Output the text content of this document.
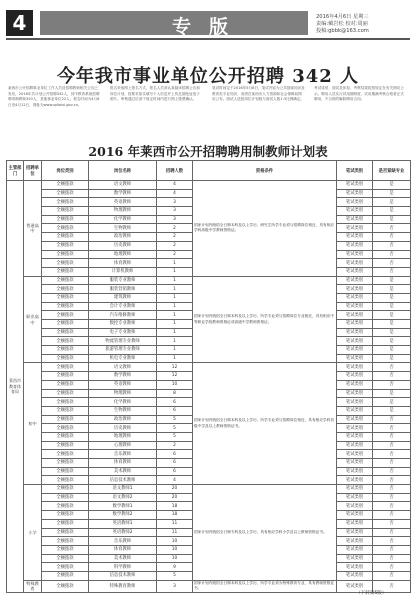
4	专版	2016年4月6日 星期三
责编:戴岩松 校对:周丽
投稿:gbbk@163.com
今年我市事业单位公开招聘 342 人
莱西市公开招聘事业单位工作人员及招聘教师相关公告已发布，2016年共计划公开招聘342人，其中教育系统招聘聘用制教师320人，其他事业单位22人。报名时间为4月8日至4月12日，网址为www.qdlaixi.gov.cn。
报名采取网上报名方式，报名人员须认真阅读招聘公告和岗位计划，按要求如实填写个人信息并上传近期免冠电子照片。审核通过后请于规定时间内进行网上缴费确认。
笔试时间定于2016年5月8日，笔试内容为公共基础知识及教育类专业知识，成绩在莱西市人力资源和社会保障局网站公布。面试人选按岗位计划数与面试人数1:3比例确定。
考试成绩、面试及体检、考察结果将按规定在有关网站公示。聘用人员实行试用期制度，试用期满考核合格者正式聘用，不合格的解除聘用合同。
2016 年莱西市公开招聘聘用制教师计划表
主管部门	招聘单位	岗位类别	岗位名称	招聘人数	资格条件	笔试类别	是否紧缺专业
莱西市教育体育局	普通高中	全额拨款	语文教师	4	国家计划内统招全日制本科及以上学历，研究生所学专业须与招聘岗位相近，具有相应学科高级中学教师资格证。	笔试类别	是
		全额拨款	数学教师	4		笔试类别	是
		全额拨款	英语教师	3		笔试类别	是
		全额拨款	物理教师	3		笔试类别	是
		全额拨款	化学教师	3		笔试类别	是
		全额拨款	生物教师	2		笔试类别	否
		全额拨款	政治教师	2		笔试类别	否
		全额拨款	历史教师	2		笔试类别	否
		全额拨款	地理教师	2		笔试类别	否
		全额拨款	体育教师	1		笔试类别	否
		全额拨款	计算机教师	1		笔试类别	否
	职业高中	全额拨款	服装专业教师	1	国家计划内统招全日制本科及以上学历，所学专业须与招聘岗位专业相近，具有相应中等职业学校教师资格证或高级中学教师资格证。	笔试类别	是
		全额拨款	服装营销教师	1		笔试类别	是
		全额拨款	建筑教师	1		笔试类别	是
		全额拨款	会计专业教师	1		笔试类别	是
		全额拨款	汽车维修教师	1		笔试类别	是
		全额拨款	数控专业教师	1		笔试类别	是
		全额拨款	电子专业教师	1		笔试类别	是
		全额拨款	物流管理专业教师	1		笔试类别	是
		全额拨款	旅游管理专业教师	1		笔试类别	是
		全额拨款	机电专业教师	1		笔试类别	是
	初中	全额拨款	语文教师	12	国家计划内统招全日制本科及以上学历，所学专业须与招聘岗位相近，具有相应学科初级中学及以上教师资格证书。	笔试类别	否
		全额拨款	数学教师	12		笔试类别	否
		全额拨款	英语教师	10		笔试类别	否
		全额拨款	物理教师	8		笔试类别	是
		全额拨款	化学教师	6		笔试类别	是
		全额拨款	生物教师	6		笔试类别	是
		全额拨款	政治教师	5		笔试类别	否
		全额拨款	历史教师	5		笔试类别	否
		全额拨款	地理教师	5		笔试类别	否
		全额拨款	心理教师	2		笔试类别	否
		全额拨款	音乐教师	6		笔试类别	否
		全额拨款	体育教师	6		笔试类别	否
		全额拨款	美术教师	6		笔试类别	否
		全额拨款	信息技术教师	4		笔试类别	否
	小学	全额拨款	语文教师1	20	国家计划内统招全日制专科及以上学历，具有相应学科小学及以上教师资格证书。	笔试类别	否
		全额拨款	语文教师2	20		笔试类别	否
		全额拨款	数学教师1	18		笔试类别	否
		全额拨款	数学教师2	18		笔试类别	否
		全额拨款	英语教师1	11		笔试类别	否
		全额拨款	英语教师2	11		笔试类别	否
		全额拨款	音乐教师	10		笔试类别	否
		全额拨款	体育教师	10		笔试类别	否
		全额拨款	美术教师	10		笔试类别	否
		全额拨款	科学教师	9		笔试类别	否
		全额拨款	信息技术教师	5		笔试类别	否
	特殊教育	全额拨款	特殊教育教师	3	国家计划内统招全日制本科及以上学历，所学专业须为特殊教育专业，具有教师资格证书。	笔试类别	否
（下转第5版）
